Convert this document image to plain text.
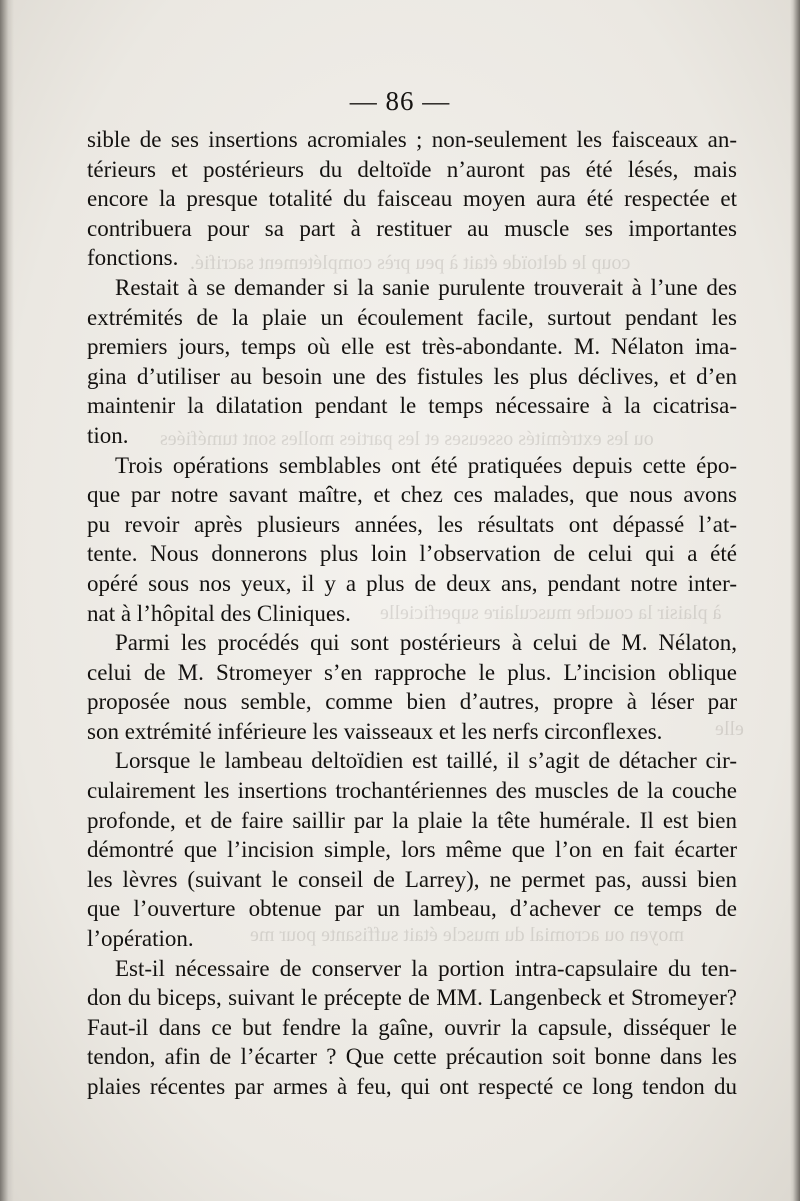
coup le deltoïde était à peu près complétement sacrifié.
ou les extrémités osseuses et les parties molles sont tuméfiées
à plaisir la couche musculaire superficielle
elle
moyen ou acromial du muscle était suffisante pour me
— 86 —
sible de ses insertions acromiales ; non-seulement les faisceaux an-
térieurs et postérieurs du deltoïde n’auront pas été lésés, mais
encore la presque totalité du faisceau moyen aura été respectée et
contribuera pour sa part à restituer au muscle ses importantes
fonctions.
Restait à se demander si la sanie purulente trouverait à l’une des
extrémités de la plaie un écoulement facile, surtout pendant les
premiers jours, temps où elle est très-abondante. M. Nélaton ima-
gina d’utiliser au besoin une des fistules les plus déclives, et d’en
maintenir la dilatation pendant le temps nécessaire à la cicatrisa-
tion.
Trois opérations semblables ont été pratiquées depuis cette épo-
que par notre savant maître, et chez ces malades, que nous avons
pu revoir après plusieurs années, les résultats ont dépassé l’at-
tente. Nous donnerons plus loin l’observation de celui qui a été
opéré sous nos yeux, il y a plus de deux ans, pendant notre inter-
nat à l’hôpital des Cliniques.
Parmi les procédés qui sont postérieurs à celui de M. Nélaton,
celui de M. Stromeyer s’en rapproche le plus. L’incision oblique
proposée nous semble, comme bien d’autres, propre à léser par
son extrémité inférieure les vaisseaux et les nerfs circonflexes.
Lorsque le lambeau deltoïdien est taillé, il s’agit de détacher cir-
culairement les insertions trochantériennes des muscles de la couche
profonde, et de faire saillir par la plaie la tête humérale. Il est bien
démontré que l’incision simple, lors même que l’on en fait écarter
les lèvres (suivant le conseil de Larrey), ne permet pas, aussi bien
que l’ouverture obtenue par un lambeau, d’achever ce temps de
l’opération.
Est-il nécessaire de conserver la portion intra-capsulaire du ten-
don du biceps, suivant le précepte de MM. Langenbeck et Stromeyer?
Faut-il dans ce but fendre la gaîne, ouvrir la capsule, disséquer le
tendon, afin de l’écarter ? Que cette précaution soit bonne dans les
plaies récentes par armes à feu, qui ont respecté ce long tendon du
